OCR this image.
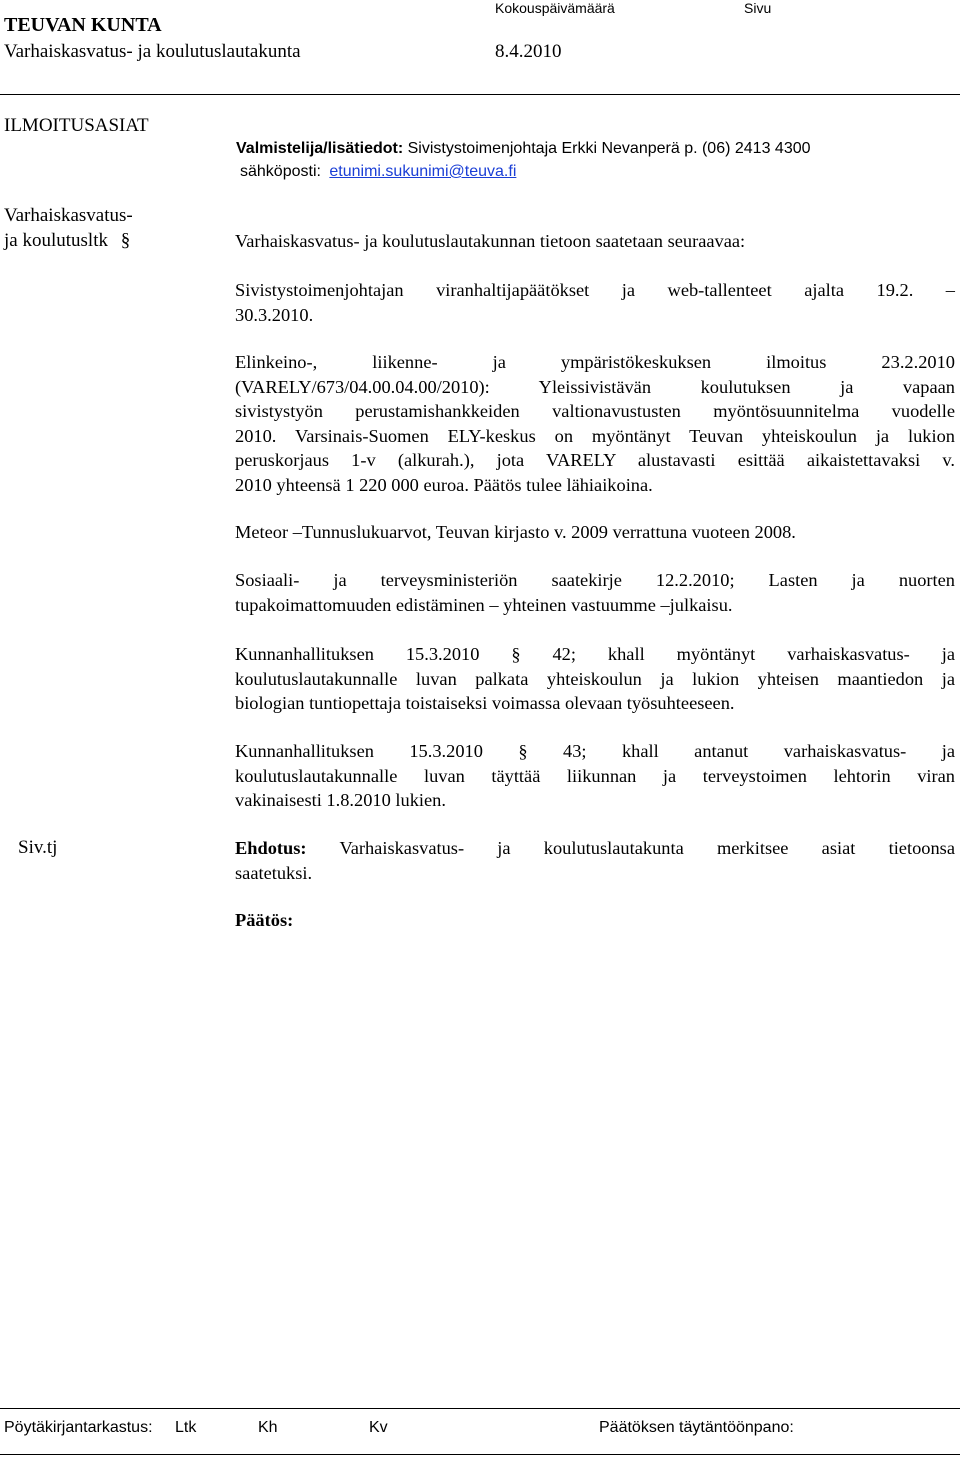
TEUVAN KUNTA
Varhaiskasvatus- ja koulutuslautakunta
Kokouspäivämäärä
8.4.2010
Sivu
ILMOITUSASIAT
Varhaiskasvatus-
ja koulutusltk §
Siv.tj
Valmistelija/lisätiedot: Sivistystoimenjohtaja Erkki Nevanperä p. (06) 2413 4300
sähköposti: etunimi.sukunimi@teuva.fi
Varhaiskasvatus- ja koulutuslautakunnan tietoon saatetaan seuraavaa:
Sivistystoimenjohtajan viranhaltijapäätökset ja web-tallenteet ajalta 19.2. –
30.3.2010.
Elinkeino-, liikenne- ja ympäristökeskuksen ilmoitus 23.2.2010
(VARELY/673/04.00.04.00/2010): Yleissivistävän koulutuksen ja vapaan
sivistystyön perustamishankkeiden valtionavustusten myöntösuunnitelma vuodelle
2010. Varsinais-Suomen ELY-keskus on myöntänyt Teuvan yhteiskoulun ja lukion
peruskorjaus 1-v (alkurah.), jota VARELY alustavasti esittää aikaistettavaksi v.
2010 yhteensä 1 220 000 euroa. Päätös tulee lähiaikoina.
Meteor –Tunnuslukuarvot, Teuvan kirjasto v. 2009 verrattuna vuoteen 2008.
Sosiaali- ja terveysministeriön saatekirje 12.2.2010; Lasten ja nuorten
tupakoimattomuuden edistäminen – yhteinen vastuumme –julkaisu.
Kunnanhallituksen 15.3.2010 § 42; khall myöntänyt varhaiskasvatus- ja
koulutuslautakunnalle luvan palkata yhteiskoulun ja lukion yhteisen maantiedon ja
biologian tuntiopettaja toistaiseksi voimassa olevaan työsuhteeseen.
Kunnanhallituksen 15.3.2010 § 43; khall antanut varhaiskasvatus- ja
koulutuslautakunnalle luvan täyttää liikunnan ja terveystoimen lehtorin viran
vakinaisesti 1.8.2010 lukien.
Ehdotus: Varhaiskasvatus- ja koulutuslautakunta merkitsee asiat tietoonsa
saatetuksi.
Päätös:
Pöytäkirjantarkastus: Ltk	Kh	Kv	Päätöksen täytäntöönpano:
